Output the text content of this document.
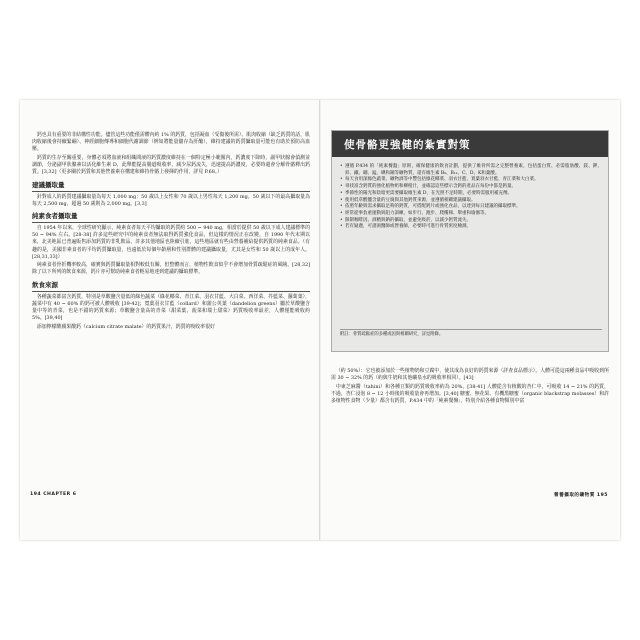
鈣也具有重要的非結構性功能。儘管這些功能僅需體內約 1% 的鈣質，包括凝血（受傷後所需）、肌肉收縮（缺乏鈣質的話，肌肉收縮後會持續緊繃）、神經細胞傳導和細胞代謝調節（例如將能量儲存為肝醣），維持建議的鈣質攝取量可能也有助於預防高血壓。

鈣質的生存至關重要，身體必須將血液和組織間液的鈣質濃度維持在一個特定極小範圍內，鈣濃度下降時，副甲狀腺會偵測並調節，分泌副甲狀腺素以活化維生素 D，此舉能提高腸道吸收率，減少尿鈣流失，迅速提高鈣濃度，必要時還會分解骨骼釋出鈣質。[3,32]（更多關於鈣質和其他營養素在構建和維持骨骼上發揮的作用，詳見 P.68。）

建議攝取量

針對成人的鈣質建議攝取量為每天 1,000 mg：50 歲以上女性和 70 歲以上男性每天 1,200 mg。50 歲以下的最高攝取量為每天 2,500 mg，超過 50 歲則為 2,000 mg。[3,3]

純素食者攝取量

自 1954 年以來，全球性研究顯示，純素食者每天平均攝取的鈣質約 500 ~ 940 mg，相當於提供 50 歲以下成人建議標準的 50 ~ 94% 左右。[28-38] 許多這些研究中的純素食者無法取得鈣質強化食品，但這樣的情況正在改變，自 1990 年代末期以來，北美地區已普遍販售添加鈣質的非乳飲品、許多其他地區也陸續引進，這些地區就有些由營養補給提供鈣質的純素食品。（有趣的是，美國非素食者的平均鈣質攝取量，也遠低於每個年齡層和性別群體的建議攝取量，尤其是女性和 50 歲以上的成年人。[28,31,33]）

純素食者骨折機率較高，確實與鈣質攝取量相對較低有關，但整體而言，植物性飲食似乎不會增加骨質疏鬆症的風險。[28,32] 除了以下所列的飲食來源，鈣片亦可幫助純素食者輕易地達到建議的攝取標準。

飲食來源

各種蔬菜都富含鈣質，特別是草酸鹽含量低的綠色蔬菜（綠花椰菜、青江菜、羽衣甘藍、大白菜、西洋菜、芥藍菜、蘿蔔葉），蔬菜中有 40 ~ 60% 的鈣可被人體吸收 [39-42]；寬葉羽衣甘藍（collard）和蒲公英葉（dandelion greens）屬於草酸鹽含量中等的青菜，也是不錯的鈣質來源；草酸鹽含量高的青菜（甜菜葉、菠菜和瑞士甜菜）鈣質吸收率最差，人體僅能吸收約 5%。[39,40]

添加檸檬酸蘋果酸鈣（calcium citrate malate）的鈣質果汁，鈣質的吸收率很好

194 CHAPTER 6
使骨骼更強健的紮實對策

• 遵循 P.434 的「純素餐盤」原則，確保健康的飲食計劃，提供了維骨所需之完整營養素，包括蛋白質、必需脂肪酸、鎂、鉀、鋅、鐵、硼、錳、碘和銅等礦物質，還有維生素 B₆、B₁₂、C、D、K和葉酸。

• 每天食用深綠色蔬菜、礦物酒等中豐包括綠花椰菜、羽衣甘藍、寬葉羽衣甘藍、青江菜和大白菜。

• 尋找富含鈣質的強化植物奶和柳橙汁，並確認這些標示含鈣的產品在每份中都是鈣量。

• 季節性的陽光和陰暗更需要攝取維生素 D，在光照不足時期，必要時需服用補充劑。

• 使用低草酸鹽含量的豆腐與其他鈣質來源，並遵循相關建議攝取。

• 依照年齡與需求攝取足夠的鈣質，可搭配鈣片或強化食品，以達到每日建議的攝取標準。

• 經常從事負重運動與阻力訓練，如步行、跑步、爬樓梯、舉重和瑜伽等。

• 限制咖啡因、酒精與鈉的攝取，並避免吸菸，以減少鈣質流失。

• 若有疑慮，可諮詢醫師或營養師，必要時可進行骨質密度檢測。

附註：骨質疏鬆症的多種成因與相關研究，詳見附錄。

（約 50%）：它也被添加於一些植物奶和豆腐中，使其成為良好的鈣質來源（詳查食品標示）。人體可從這兩種食品中吸收到所需 30 ~ 32% 的鈣（約與牛奶和其他礦泉水的吸收率相同）。[43]

中東芝麻醬（tahini）和各種豆類的鈣質吸收率約為 20%。[38-41] 人體從含有植酸的杏仁中，可吸收 14 ~ 21% 的鈣質，不過，杏仁浸泡 8 ~ 12 小時後的吸收量會再增加。[3,40] 糖蜜、無花果、有機黑糖蜜（organic blackstrap molasses）和許多植物性食物（少量）都含有鈣質，P.434 中的「純素餐盤」，特別介紹各種食物類別中富

營養攝取的礦物質 195
